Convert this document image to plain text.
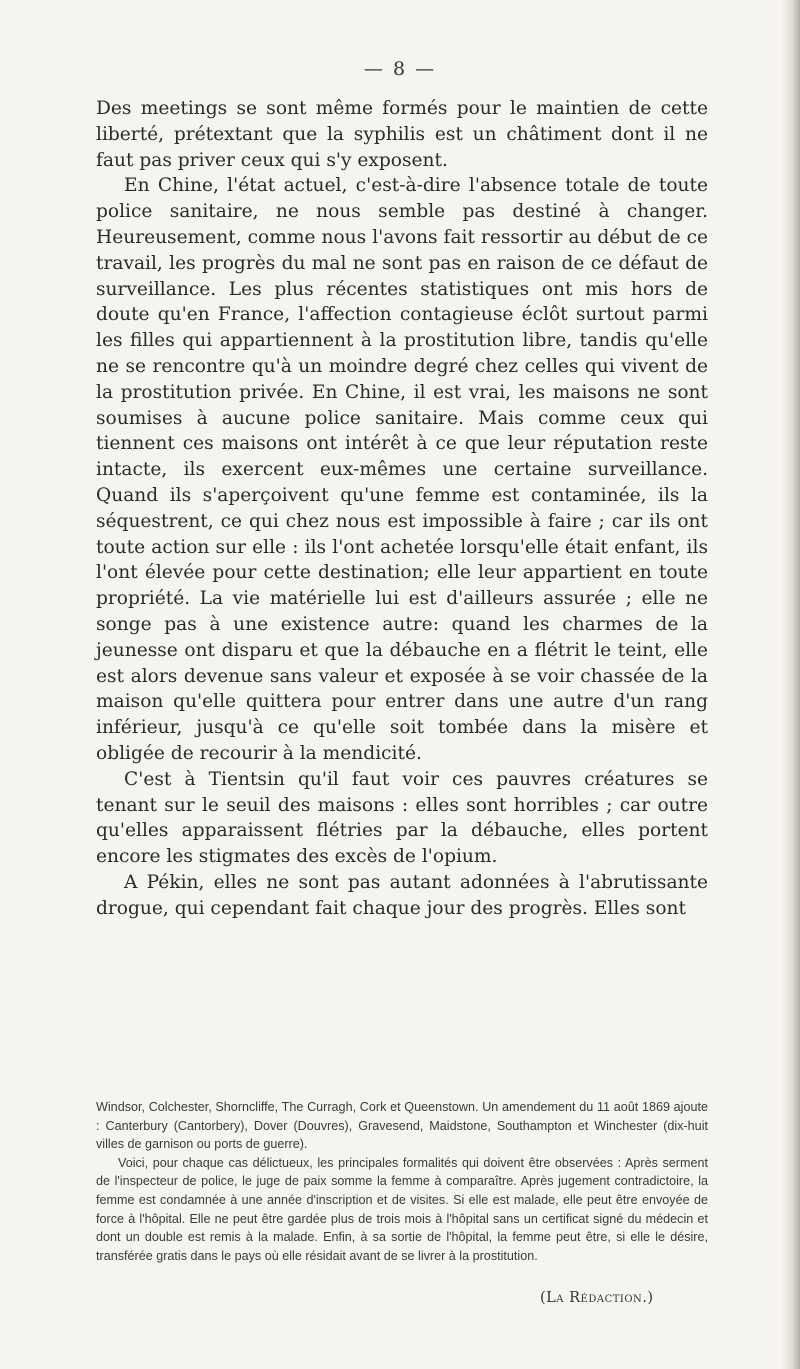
— 8 —

Des meetings se sont même formés pour le maintien de cette liberté, prétextant que la syphilis est un châtiment dont il ne faut pas priver ceux qui s'y exposent.

En Chine, l'état actuel, c'est-à-dire l'absence totale de toute police sanitaire, ne nous semble pas destiné à changer. Heureusement, comme nous l'avons fait ressortir au début de ce travail, les progrès du mal ne sont pas en raison de ce défaut de surveillance. Les plus récentes statistiques ont mis hors de doute qu'en France, l'affection contagieuse éclôt surtout parmi les filles qui appartiennent à la prostitution libre, tandis qu'elle ne se rencontre qu'à un moindre degré chez celles qui vivent de la prostitution privée. En Chine, il est vrai, les maisons ne sont soumises à aucune police sanitaire. Mais comme ceux qui tiennent ces maisons ont intérêt à ce que leur réputation reste intacte, ils exercent eux-mêmes une certaine surveillance. Quand ils s'aperçoivent qu'une femme est contaminée, ils la séquestrent, ce qui chez nous est impossible à faire ; car ils ont toute action sur elle : ils l'ont achetée lorsqu'elle était enfant, ils l'ont élevée pour cette destination; elle leur appartient en toute propriété. La vie matérielle lui est d'ailleurs assurée ; elle ne songe pas à une existence autre: quand les charmes de la jeunesse ont disparu et que la débauche en a flétrit le teint, elle est alors devenue sans valeur et exposée à se voir chassée de la maison qu'elle quittera pour entrer dans une autre d'un rang inférieur, jusqu'à ce qu'elle soit tombée dans la misère et obligée de recourir à la mendicité.

C'est à Tientsin qu'il faut voir ces pauvres créatures se tenant sur le seuil des maisons : elles sont horribles ; car outre qu'elles apparaissent flétries par la débauche, elles portent encore les stigmates des excès de l'opium.

A Pékin, elles ne sont pas autant adonnées à l'abrutissante drogue, qui cependant fait chaque jour des progrès. Elles sont

Windsor, Colchester, Shorncliffe, The Curragh, Cork et Queenstown. Un amendement du 11 août 1869 ajoute : Canterbury (Cantorbery), Dover (Douvres), Gravesend, Maidstone, Southampton et Winchester (dix-huit villes de garnison ou ports de guerre).

Voici, pour chaque cas délictueux, les principales formalités qui doivent être observées : Après serment de l'inspecteur de police, le juge de paix somme la femme à comparaître. Après jugement contradictoire, la femme est condamnée à une année d'inscription et de visites. Si elle est malade, elle peut être envoyée de force à l'hôpital. Elle ne peut être gardée plus de trois mois à l'hôpital sans un certificat signé du médecin et dont un double est remis à la malade. Enfin, à sa sortie de l'hôpital, la femme peut être, si elle le désire, transférée gratis dans le pays où elle résidait avant de se livrer à la prostitution.

(La Rédaction.)
